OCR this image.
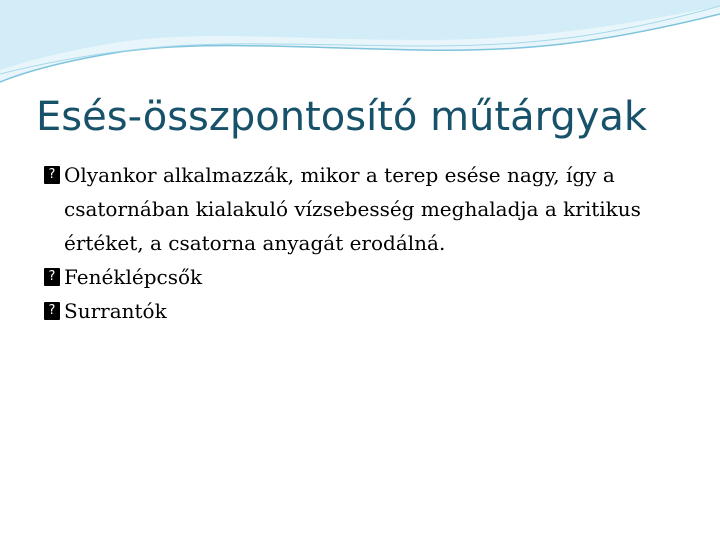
Esés-összpontosító műtárgyak
? Olyankor alkalmazzák, mikor a terep esése nagy, így a csatornában kialakuló vízsebesség meghaladja a kritikus értéket, a csatorna anyagát erodálná.
? Fenéklépcsők
? Surrantók
